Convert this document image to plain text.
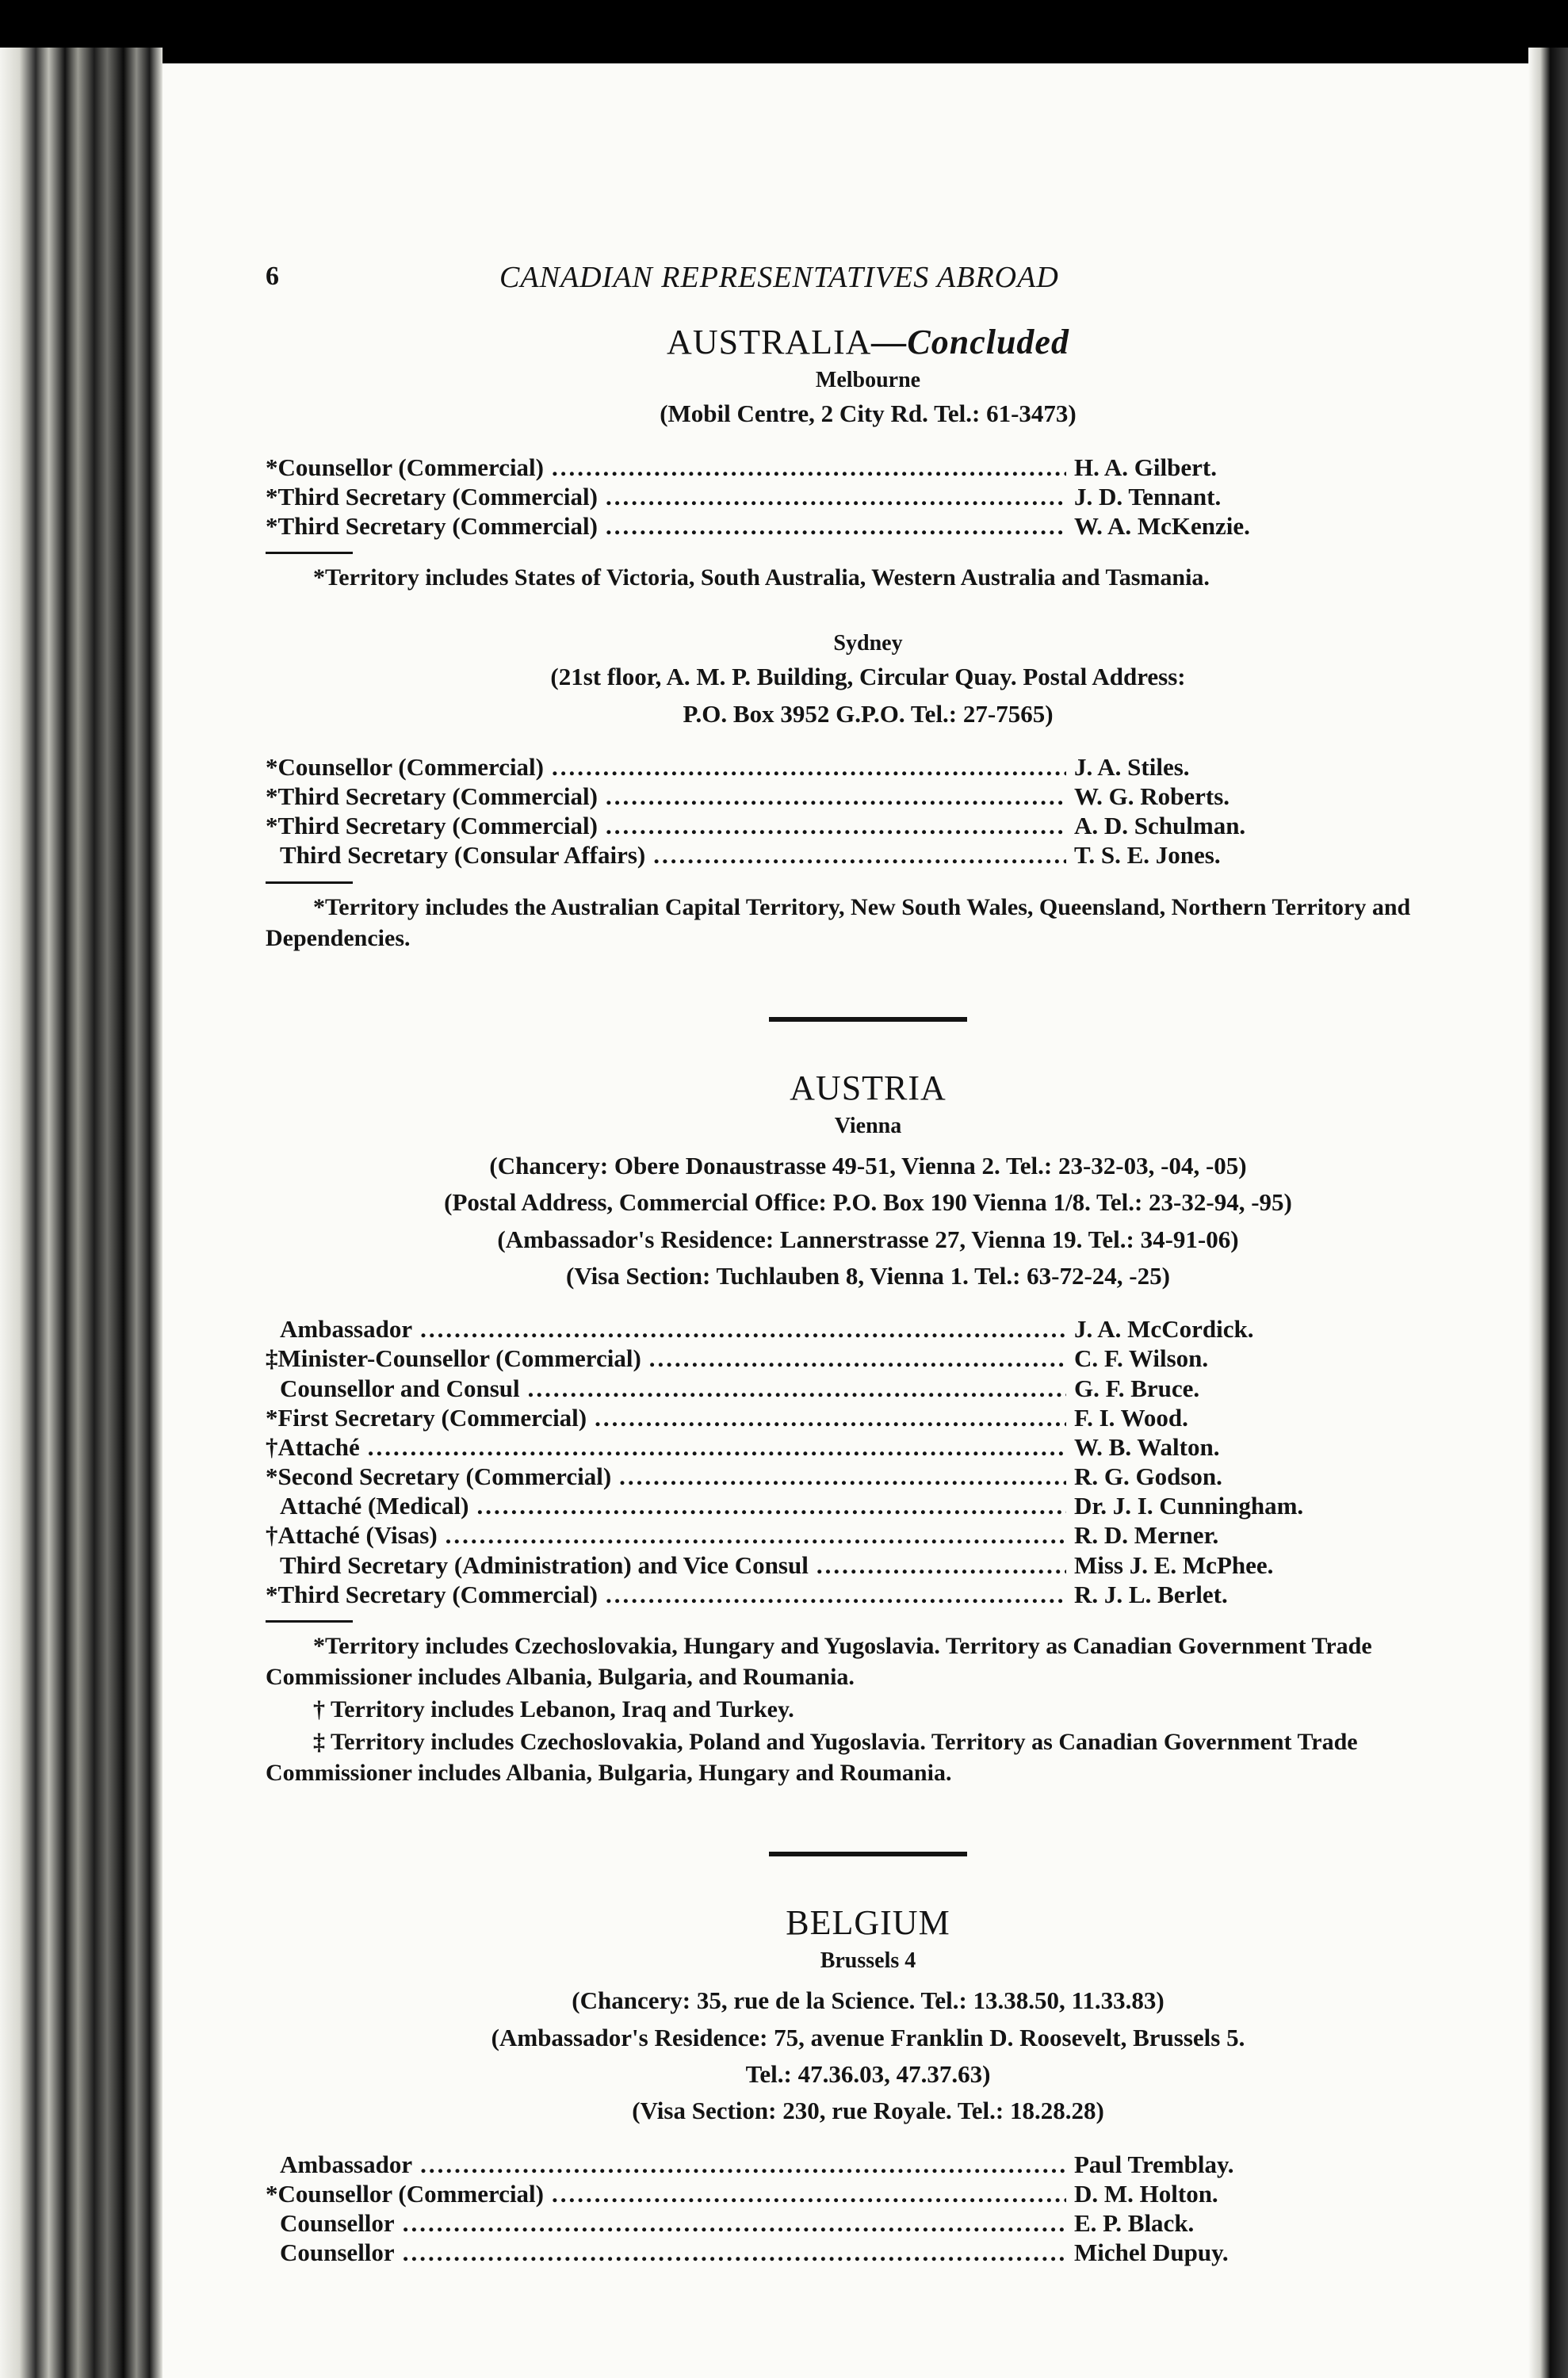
6	CANADIAN REPRESENTATIVES ABROAD
AUSTRALIA—Concluded
Melbourne
(Mobil Centre, 2 City Rd. Tel.: 61-3473)
*Counsellor (Commercial) .....	H. A. Gilbert.
*Third Secretary (Commercial) .....	J. D. Tennant.
*Third Secretary (Commercial) .....	W. A. McKenzie.
*Territory includes States of Victoria, South Australia, Western Australia and Tasmania.
Sydney
(21st floor, A. M. P. Building, Circular Quay. Postal Address:
P.O. Box 3952 G.P.O. Tel.: 27-7565)
*Counsellor (Commercial) .....	J. A. Stiles.
*Third Secretary (Commercial) .....	W. G. Roberts.
*Third Secretary (Commercial) .....	A. D. Schulman.
Third Secretary (Consular Affairs) .....	T. S. E. Jones.
*Territory includes the Australian Capital Territory, New South Wales, Queensland, Northern Territory and Dependencies.
AUSTRIA
Vienna
(Chancery: Obere Donaustrasse 49-51, Vienna 2. Tel.: 23-32-03, -04, -05)
(Postal Address, Commercial Office: P.O. Box 190 Vienna 1/8. Tel.: 23-32-94, -95)
(Ambassador's Residence: Lannerstrasse 27, Vienna 19. Tel.: 34-91-06)
(Visa Section: Tuchlauben 8, Vienna 1. Tel.: 63-72-24, -25)
Ambassador .....	J. A. McCordick.
‡Minister-Counsellor (Commercial) .....	C. F. Wilson.
Counsellor and Consul .....	G. F. Bruce.
*First Secretary (Commercial) .....	F. I. Wood.
†Attaché .....	W. B. Walton.
*Second Secretary (Commercial) .....	R. G. Godson.
Attaché (Medical) .....	Dr. J. I. Cunningham.
†Attaché (Visas) .....	R. D. Merner.
Third Secretary (Administration) and Vice Consul .....	Miss J. E. McPhee.
*Third Secretary (Commercial) .....	R. J. L. Berlet.
*Territory includes Czechoslovakia, Hungary and Yugoslavia. Territory as Canadian Government Trade Commissioner includes Albania, Bulgaria, and Roumania.
† Territory includes Lebanon, Iraq and Turkey.
‡ Territory includes Czechoslovakia, Poland and Yugoslavia. Territory as Canadian Government Trade Commissioner includes Albania, Bulgaria, Hungary and Roumania.
BELGIUM
Brussels 4
(Chancery: 35, rue de la Science. Tel.: 13.38.50, 11.33.83)
(Ambassador's Residence: 75, avenue Franklin D. Roosevelt, Brussels 5.
Tel.: 47.36.03, 47.37.63)
(Visa Section: 230, rue Royale. Tel.: 18.28.28)
Ambassador .....	Paul Tremblay.
*Counsellor (Commercial) .....	D. M. Holton.
Counsellor .....	E. P. Black.
Counsellor .....	Michel Dupuy.
